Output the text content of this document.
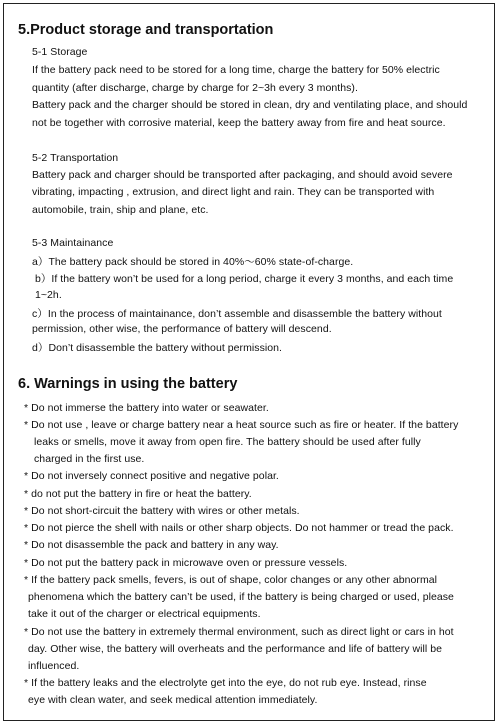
5.Product storage and transportation
5-1 Storage
If the battery pack need to be stored for a long time, charge the battery for 50% electric
quantity (after discharge, charge by charge for 2~3h every 3 months).
Battery pack and the charger should be stored in clean, dry and ventilating place, and should
not be together with corrosive material, keep the battery away from fire and heat source.
5-2 Transportation
Battery pack and charger should be transported after packaging, and should avoid severe
vibrating, impacting , extrusion, and direct light and rain. They can be transported with
automobile, train, ship and plane, etc.
5-3 Maintainance
a）The battery pack should be stored in 40%～60% state-of-charge.
b）If the battery won’t be used for a long period, charge it every 3 months, and each time
1~2h.
c）In the process of maintainance, don’t assemble and disassemble the battery without
permission, other wise, the performance of battery will descend.
d）Don’t disassemble the battery without permission.
6. Warnings in using the battery
* Do not immerse the battery into water or seawater.
* Do not use , leave or charge battery near a heat source such as fire or heater. If the battery
leaks or smells, move it away from open fire. The battery should be used after fully
charged in the first use.
* Do not inversely connect positive and negative polar.
* do not put the battery in fire or heat the battery.
* Do not short-circuit the battery with wires or other metals.
* Do not pierce the shell with nails or other sharp objects. Do not hammer or tread the pack.
* Do not disassemble the pack and battery in any way.
* Do not put the battery pack in microwave oven or pressure vessels.
* If the battery pack smells, fevers, is out of shape, color changes or any other abnormal
phenomena which the battery can’t be used, if the battery is being charged or used, please
take it out of the charger or electrical equipments.
* Do not use the battery in extremely thermal environment, such as direct light or cars in hot
day. Other wise, the battery will overheats and the performance and life of battery will be
influenced.
* If the battery leaks and the electrolyte get into the eye, do not rub eye. Instead, rinse
eye with clean water, and seek medical attention immediately.
